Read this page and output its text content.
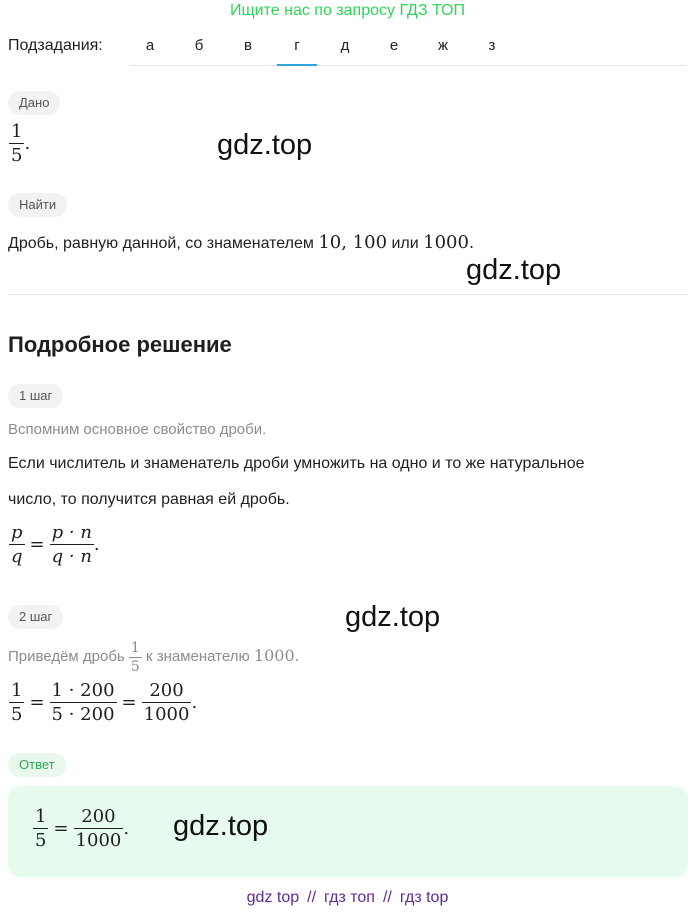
Ищите нас по запросу ГДЗ ТОП
Подзадания:	а	б	в	г	д	е	ж	з
Дано
$\frac{1}{5}$ .
Найти
Дробь, равную данной, со знаменателем 10, 100 или 1000.
Подробное решение
1 шаг
Вспомним основное свойство дроби.
Если числитель и знаменатель дроби умножить на одно и то же натуральное
число, то получится равная ей дробь.
$\frac{p}{q} = \frac{p \cdot n}{q \cdot n}$ .
2 шаг
Приведём дробь $\frac{1}{5}$ к знаменателю 1000.
$\frac{1}{5} = \frac{1 \cdot 200}{5 \cdot 200} = \frac{200}{1000}$ .
Ответ
$\frac{1}{5} = \frac{200}{1000}$ .
gdz.top
gdz.top
gdz.top
gdz.top
gdz top // гдз топ // гдз top
